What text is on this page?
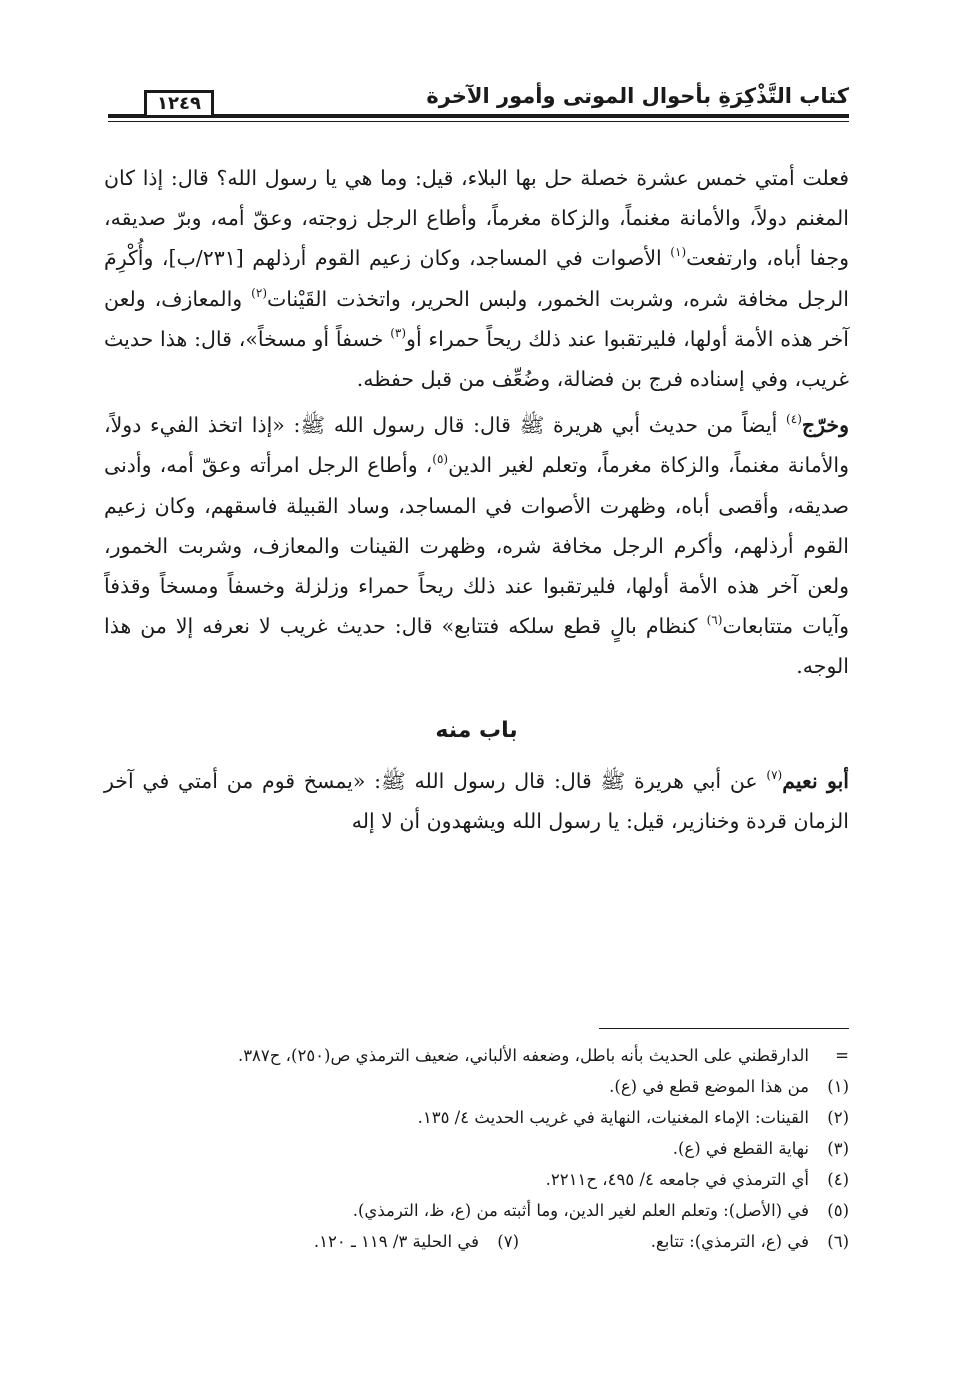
١٢٤٩	كتاب التَّذْكِرَةِ بأحوال الموتى وأمور الآخرة

فعلت أمتي خمس عشرة خصلة حل بها البلاء، قيل: وما هي يا رسول الله؟ قال: إذا كان المغنم دولاً، والأمانة مغنماً، والزكاة مغرماً، وأطاع الرجل زوجته، وعقّ أمه، وبرّ صديقه، وجفا أباه، وارتفعت$^{(١)}$ الأصوات في المساجد، وكان زعيم القوم أرذلهم [٢٣١/ب]، وأُكْرِمَ الرجل مخافة شره، وشربت الخمور، ولبس الحرير، واتخذت القَيْنات$^{(٢)}$ والمعازف، ولعن آخر هذه الأمة أولها، فليرتقبوا عند ذلك ريحاً حمراء أو$^{(٣)}$ خسفاً أو مسخاً»، قال: هذا حديث غريب، وفي إسناده فرج بن فضالة، وضُعِّف من قبل حفظه.

وخرّج$^{(٤)}$ أيضاً من حديث أبي هريرة ﷺ قال: قال رسول الله ﷺ: «إذا اتخذ الفيء دولاً، والأمانة مغنماً، والزكاة مغرماً، وتعلم لغير الدين$^{(٥)}$، وأطاع الرجل امرأته وعقّ أمه، وأدنى صديقه، وأقصى أباه، وظهرت الأصوات في المساجد، وساد القبيلة فاسقهم، وكان زعيم القوم أرذلهم، وأكرم الرجل مخافة شره، وظهرت القينات والمعازف، وشربت الخمور، ولعن آخر هذه الأمة أولها، فليرتقبوا عند ذلك ريحاً حمراء وزلزلة وخسفاً ومسخاً وقذفاً وآيات متتابعات$^{(٦)}$ كنظام بالٍ قطع سلكه فتتابع» قال: حديث غريب لا نعرفه إلا من هذا الوجه.

باب منه

أبو نعيم$^{(٧)}$ عن أبي هريرة ﷺ قال: قال رسول الله ﷺ: «يمسخ قوم من أمتي في آخر الزمان قردة وخنازير، قيل: يا رسول الله ويشهدون أن لا إله

=
الدارقطني على الحديث بأنه باطل، وضعفه الألباني، ضعيف الترمذي ص(٢٥٠)، ح٣٨٧.
(١)
من هذا الموضع قطع في (ع).
(٢)
القينات: الإماء المغنيات، النهاية في غريب الحديث ٤/ ١٣٥.
(٣)
نهاية القطع في (ع).
(٤)
أي الترمذي في جامعه ٤/ ٤٩٥، ح٢٢١١.
(٥)
في (الأصل): وتعلم العلم لغير الدين، وما أثبته من (ع، ظ، الترمذي).
(٦)
في (ع، الترمذي): تتابع.
(٧)
في الحلية ٣/ ١١٩ ـ ١٢٠.
